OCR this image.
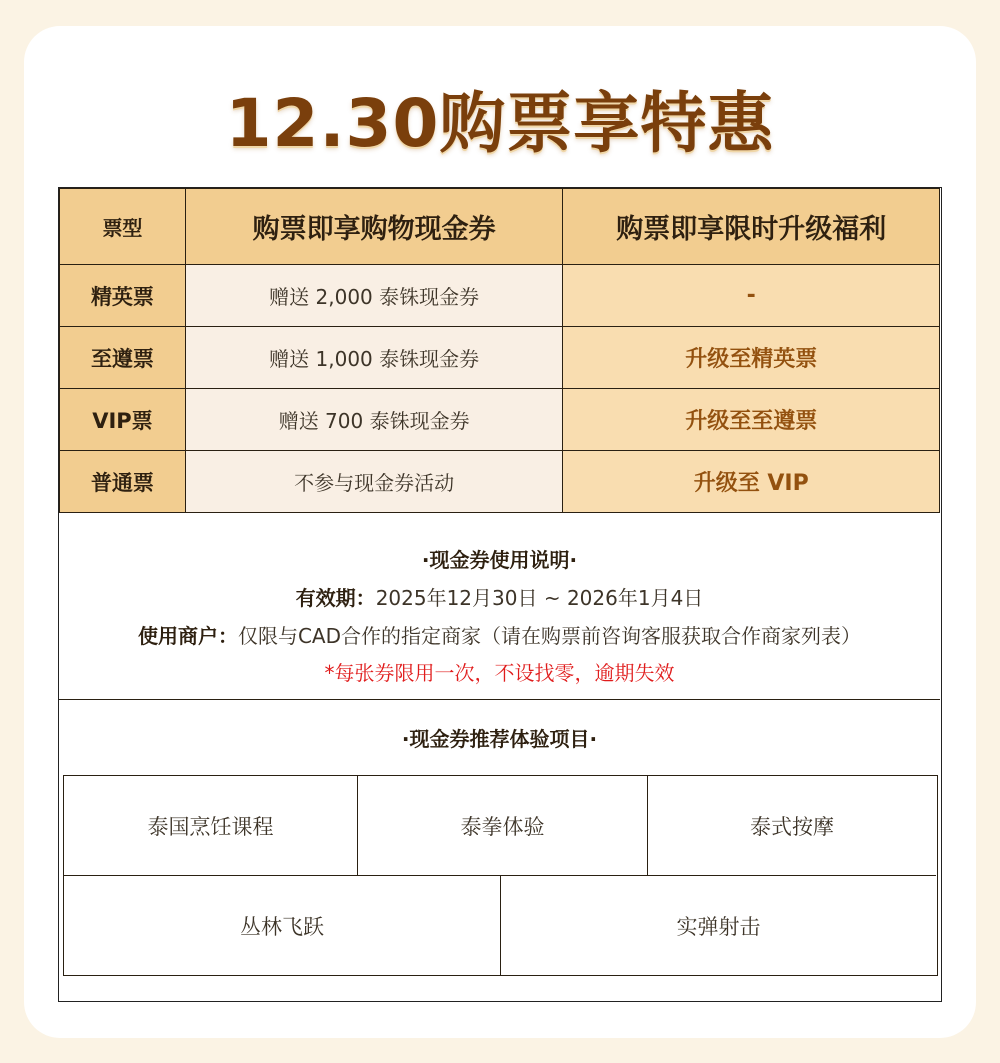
12.30购票享特惠
票型	购票即享购物现金券	购票即享限时升级福利
精英票	赠送 2,000 泰铢现金券	-
至遵票	赠送 1,000 泰铢现金券	升级至精英票
VIP票	赠送 700 泰铢现金券	升级至至遵票
普通票	不参与现金券活动	升级至 VIP
·现金券使用说明·
有效期：2025年12月30日 ~ 2026年1月4日
使用商户：仅限与CAD合作的指定商家（请在购票前咨询客服获取合作商家列表）
*每张券限用一次，不设找零，逾期失效
·现金券推荐体验项目·
泰国烹饪课程	泰拳体验	泰式按摩
丛林飞跃	实弹射击
